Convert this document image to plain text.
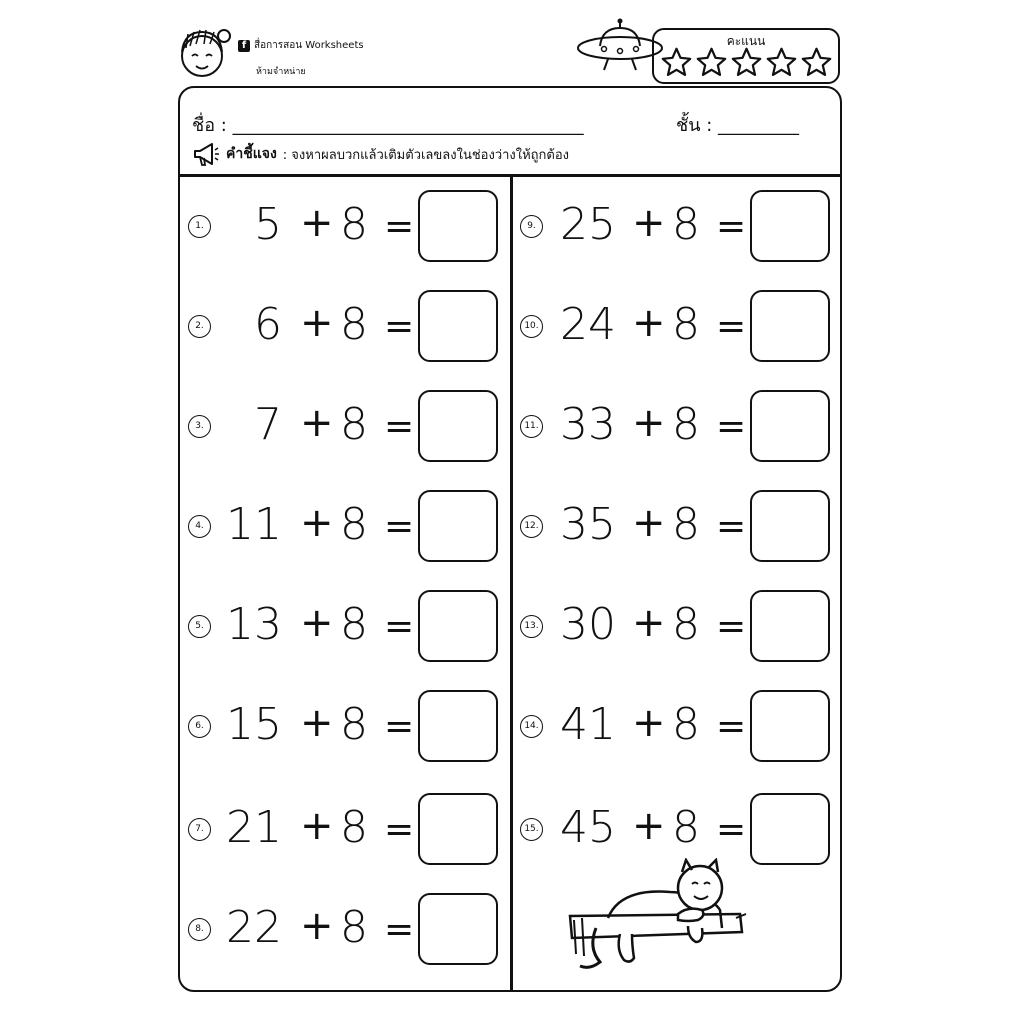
f สื่อการสอน Worksheets
ห้ามจำหน่าย
คะแนน
ชื่อ : _______________________________________	ชั้น : _________
คำชี้แจง : จงหาผลบวกแล้วเติมตัวเลขลงในช่องว่างให้ถูกต้อง
1.	5 + 8 =
2.	6 + 8 =
3.	7 + 8 =
4. 11 + 8 =
5. 13 + 8 =
6. 15 + 8 =
7. 21 + 8 =
8. 22 + 8 =
9. 25 + 8 =
10. 24 + 8 =
11. 33 + 8 =
12. 35 + 8 =
13. 30 + 8 =
14. 41 + 8 =
15. 45 + 8 =
